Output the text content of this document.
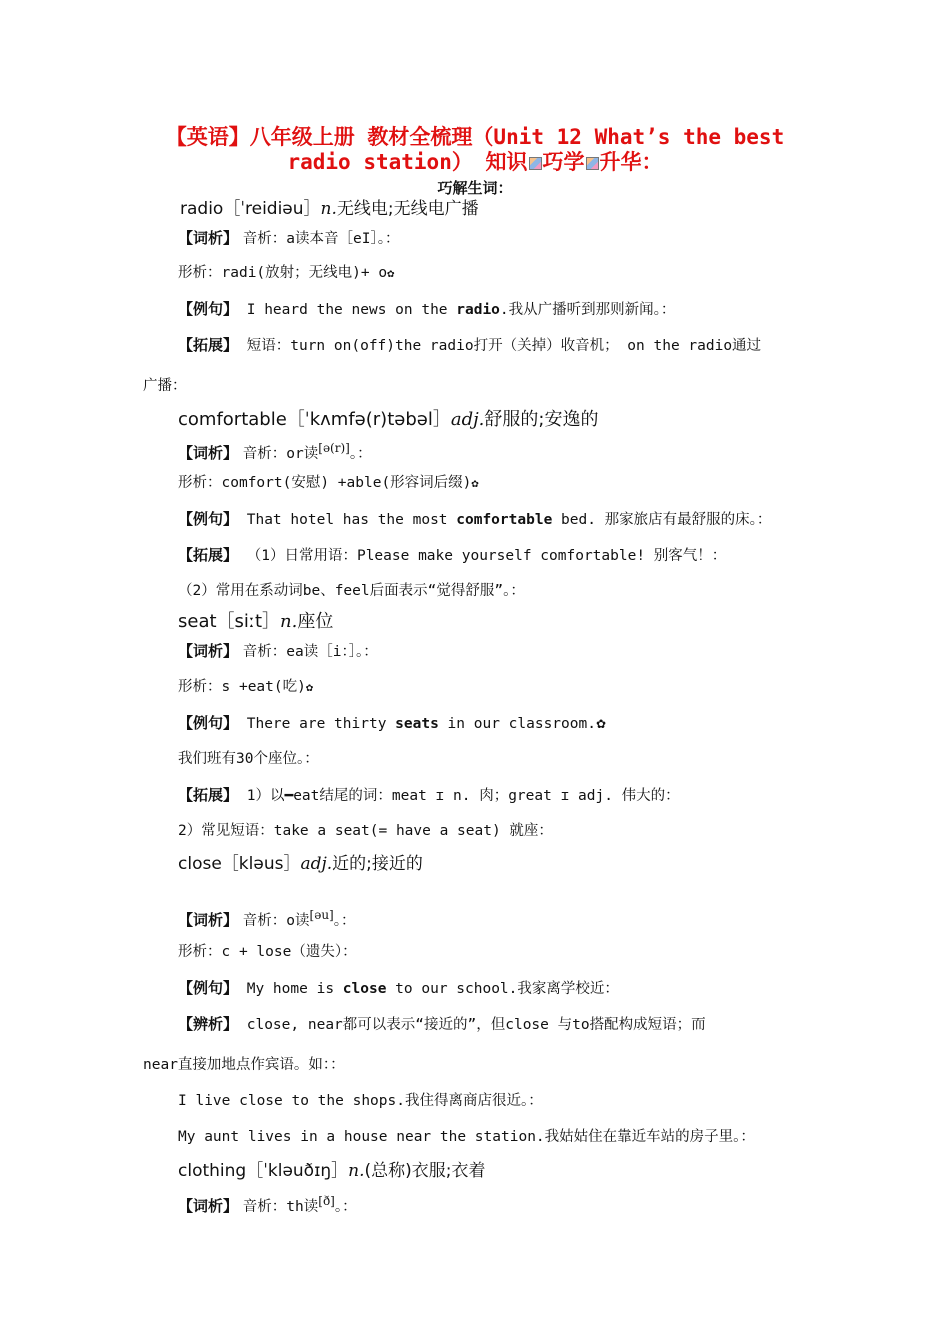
【英语】八年级上册 教材全梳理（Unit 12 What’s the best
radio station） 知识 巧学 升华：
巧解生词：
radio［ˈreidiəu］n.无线电;无线电广播
【词析】 音析：a读本音［eI］。：
形析：radi(放射；无线电)+ o✿
【例句】 I heard the news on the radio.我从广播听到那则新闻。：
【拓展】 短语：turn on(off)the radio打开（关掉）收音机； on the radio通过
广播：
comfortable［ˈkʌmfə(r)təbəl］adj.舒服的;安逸的
【词析】 音析：or读[ə(r)]。：
形析：comfort(安慰) +able(形容词后缀)✿
【例句】 That hotel has the most comfortable bed. 那家旅店有最舒服的床。：
【拓展】 （1）日常用语：Please make yourself comfortable! 别客气！：
（2）常用在系动词be、feel后面表示“觉得舒服”。：
seat［siːt］n.座位
【词析】 音析：ea读［i：］。：
形析：s +eat(吃)✿
【例句】 There are thirty seats in our classroom.✿
我们班有30个座位。：
【拓展】 1）以━eat结尾的词：meat ɪ n. 肉；great ɪ adj. 伟大的：
2）常见短语：take a seat(= have a seat) 就座：
close［kləus］adj.近的;接近的
【词析】 音析：o读[əu]。：
形析：c + lose（遗失）：
【例句】 My home is close to our school.我家离学校近：
【辨析】 close, near都可以表示“接近的”，但close 与to搭配构成短语；而
near直接加地点作宾语。如：：
I live close to the shops.我住得离商店很近。：
My aunt lives in a house near the station.我姑姑住在靠近车站的房子里。：
clothing［ˈkləuðɪŋ］n.(总称)衣服;衣着
【词析】 音析：th读[ð]。：
